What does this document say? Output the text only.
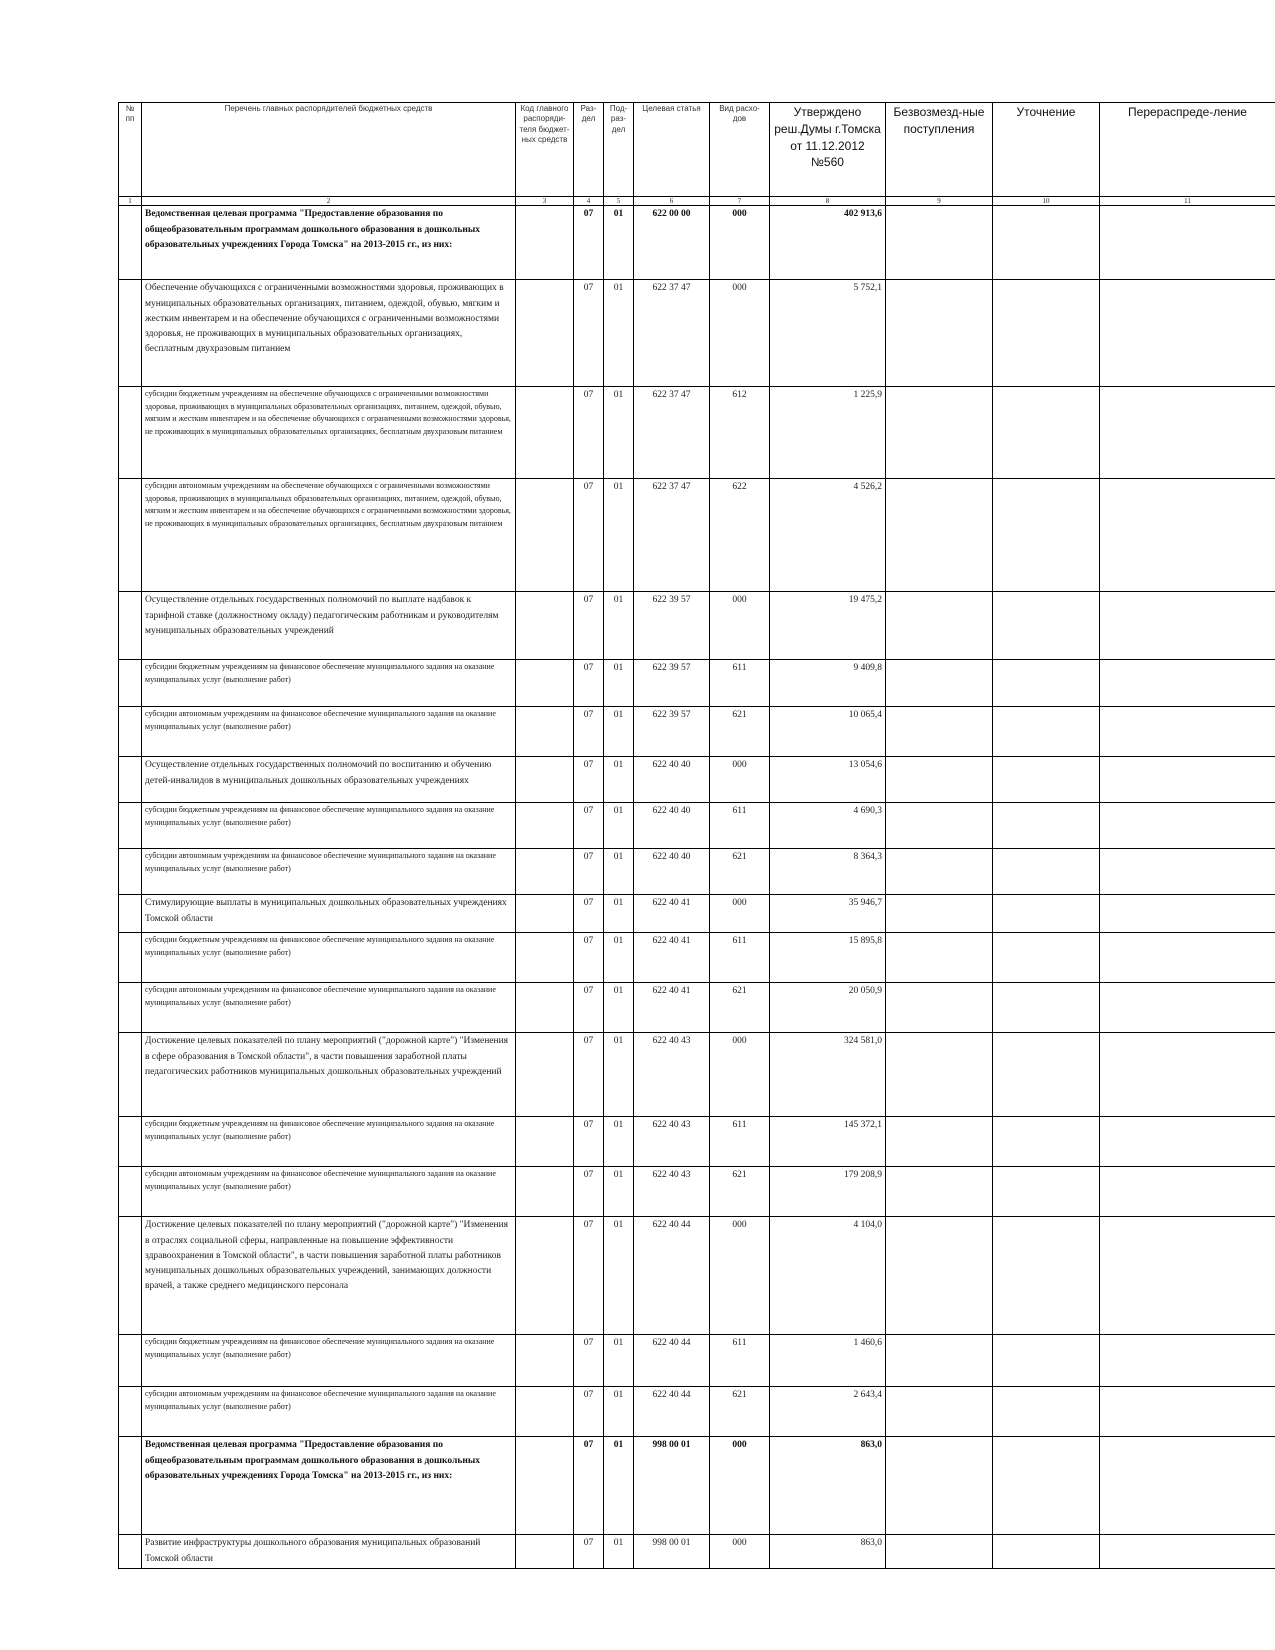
№ пп	Перечень главных распорядителей бюджетных средств	Код главного распоряди-теля бюджет-ных средств	Раз-дел	Под-раз-дел	Целевая статья	Вид расхо-дов	Утверждено реш.Думы г.Томска от 11.12.2012 №560	Безвозмезд-ные поступления	Уточнение	Перераспреде-ление
1	2	3	4	5	6	7	8	9	10	11
	Ведомственная целевая программа "Предоставление образования по общеобразовательным программам дошкольного образования в дошкольных образовательных учреждениях Города Томска" на 2013-2015 гг., из них:		07	01	622 00 00	000	402 913,6			
	Обеспечение обучающихся с ограниченными возможностями здоровья, проживающих в муниципальных образовательных организациях, питанием, одеждой, обувью, мягким и жестким инвентарем и на обеспечение обучающихся с ограниченными возможностями здоровья, не проживающих в муниципальных образовательных организациях, бесплатным двухразовым питанием		07	01	622 37 47	000	5 752,1			
	субсидии бюджетным учреждениям на обеспечение обучающихся с ограниченными возможностями здоровья, проживающих в муниципальных образовательных организациях, питанием, одеждой, обувью, мягким и жестким инвентарем и на обеспечение обучающихся с ограниченными возможностями здоровья, не проживающих в муниципальных образовательных организациях, бесплатным двухразовым питанием		07	01	622 37 47	612	1 225,9			
	субсидии автономным учреждениям на обеспечение обучающихся с ограниченными возможностями здоровья, проживающих в муниципальных образовательных организациях, питанием, одеждой, обувью, мягким и жестким инвентарем и на обеспечение обучающихся с ограниченными возможностями здоровья, не проживающих в муниципальных образовательных организациях, бесплатным двухразовым питанием		07	01	622 37 47	622	4 526,2			
	Осуществление отдельных государственных полномочий по выплате надбавок к тарифной ставке (должностному окладу) педагогическим работникам и руководителям муниципальных образовательных учреждений		07	01	622 39 57	000	19 475,2			
	субсидии бюджетным учреждениям на финансовое обеспечение муниципального задания на оказание муниципальных услуг (выполнение работ)		07	01	622 39 57	611	9 409,8			
	субсидии автономным учреждениям на финансовое обеспечение муниципального задания на оказание муниципальных услуг (выполнение работ)		07	01	622 39 57	621	10 065,4			
	Осуществление отдельных государственных полномочий по воспитанию и обучению детей-инвалидов в муниципальных дошкольных образовательных учреждениях		07	01	622 40 40	000	13 054,6			
	субсидии бюджетным учреждениям на финансовое обеспечение муниципального задания на оказание муниципальных услуг (выполнение работ)		07	01	622 40 40	611	4 690,3			
	субсидии автономным учреждениям на финансовое обеспечение муниципального задания на оказание муниципальных услуг (выполнение работ)		07	01	622 40 40	621	8 364,3			
	Стимулирующие выплаты в муниципальных дошкольных образовательных учреждениях Томской области		07	01	622 40 41	000	35 946,7			
	субсидии бюджетным учреждениям на финансовое обеспечение муниципального задания на оказание муниципальных услуг (выполнение работ)		07	01	622 40 41	611	15 895,8			
	субсидии автономным учреждениям на финансовое обеспечение муниципального задания на оказание муниципальных услуг (выполнение работ)		07	01	622 40 41	621	20 050,9			
	Достижение целевых показателей по плану мероприятий ("дорожной карте") "Изменения в сфере образования в Томской области", в части повышения заработной платы педагогических работников муниципальных дошкольных образовательных учреждений		07	01	622 40 43	000	324 581,0			
	субсидии бюджетным учреждениям на финансовое обеспечение муниципального задания на оказание муниципальных услуг (выполнение работ)		07	01	622 40 43	611	145 372,1			
	субсидии автономным учреждениям на финансовое обеспечение муниципального задания на оказание муниципальных услуг (выполнение работ)		07	01	622 40 43	621	179 208,9			
	Достижение целевых показателей по плану мероприятий ("дорожной карте") "Изменения в отраслях социальной сферы, направленные на повышение эффективности здравоохранения в Томской области", в части повышения заработной платы работников муниципальных дошкольных образовательных учреждений, занимающих должности врачей, а также среднего медицинского персонала		07	01	622 40 44	000	4 104,0			
	субсидии бюджетным учреждениям на финансовое обеспечение муниципального задания на оказание муниципальных услуг (выполнение работ)		07	01	622 40 44	611	1 460,6			
	субсидии автономным учреждениям на финансовое обеспечение муниципального задания на оказание муниципальных услуг (выполнение работ)		07	01	622 40 44	621	2 643,4			
	Ведомственная целевая программа "Предоставление образования по общеобразовательным программам дошкольного образования в дошкольных образовательных учреждениях Города Томска" на 2013-2015 гг., из них:		07	01	998 00 01	000	863,0			
	Развитие инфраструктуры дошкольного образования муниципальных образований Томской области		07	01	998 00 01	000	863,0			
